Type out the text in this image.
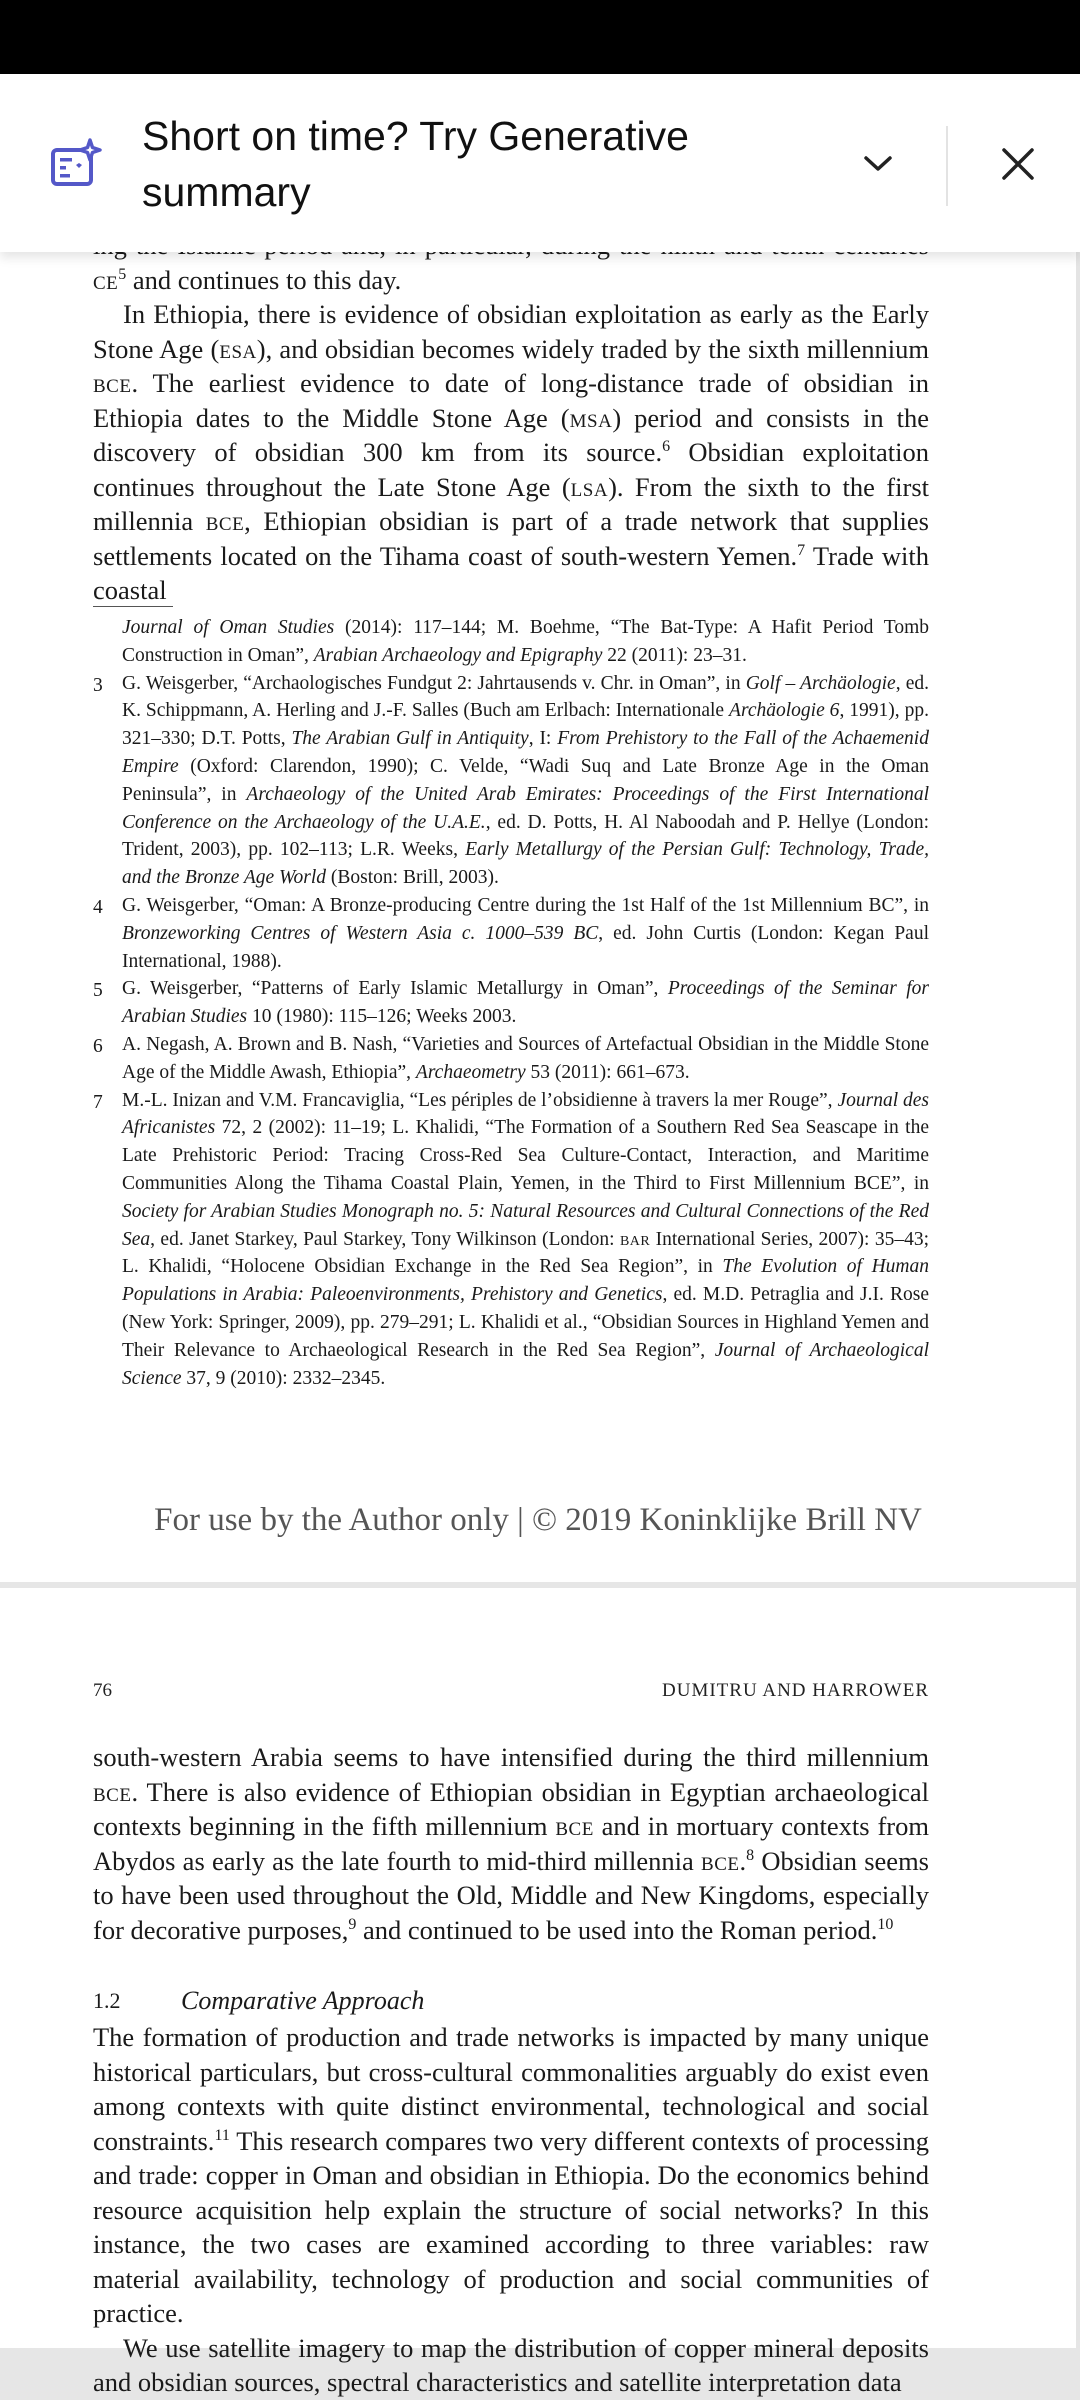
Short on time? Try Generative summary

$ce^5$ and continues to this day.

In Ethiopia, there is evidence of obsidian exploitation as early as the Early Stone Age (esa), and obsidian becomes widely traded by the sixth millennium bce. The earliest evidence to date of long-distance trade of obsidian in Ethiopia dates to the Middle Stone Age (msa) period and consists in the discovery of obsidian 300 km from its source.$^6$ Obsidian exploitation continues throughout the Late Stone Age (lsa). From the sixth to the first millennia bce, Ethiopian obsidian is part of a trade network that supplies settlements located on the Tihama coast of south-western Yemen.$^7$ Trade with coastal

Journal of Oman Studies (2014): 117–144; M. Boehme, “The Bat-Type: A Hafit Period Tomb Construction in Oman”, Arabian Archaeology and Epigraphy 22 (2011): 23–31.
3 G. Weisgerber, “Archaologisches Fundgut 2: Jahrtausends v. Chr. in Oman”, in Golf – Archäologie, ed. K. Schippmann, A. Herling and J.-F. Salles (Buch am Erlbach: Internationale Archäologie 6, 1991), pp. 321–330; D.T. Potts, The Arabian Gulf in Antiquity, I: From Prehistory to the Fall of the Achaemenid Empire (Oxford: Clarendon, 1990); C. Velde, “Wadi Suq and Late Bronze Age in the Oman Peninsula”, in Archaeology of the United Arab Emirates: Proceedings of the First International Conference on the Archaeology of the U.A.E., ed. D. Potts, H. Al Naboodah and P. Hellye (London: Trident, 2003), pp. 102–113; L.R. Weeks, Early Metallurgy of the Persian Gulf: Technology, Trade, and the Bronze Age World (Boston: Brill, 2003).
4 G. Weisgerber, “Oman: A Bronze-producing Centre during the 1st Half of the 1st Millennium BC”, in Bronzeworking Centres of Western Asia c. 1000–539 BC, ed. John Curtis (London: Kegan Paul International, 1988).
5 G. Weisgerber, “Patterns of Early Islamic Metallurgy in Oman”, Proceedings of the Seminar for Arabian Studies 10 (1980): 115–126; Weeks 2003.
6 A. Negash, A. Brown and B. Nash, “Varieties and Sources of Artefactual Obsidian in the Middle Stone Age of the Middle Awash, Ethiopia”, Archaeometry 53 (2011): 661–673.
7 M.-L. Inizan and V.M. Francaviglia, “Les périples de l’obsidienne à travers la mer Rouge”, Journal des Africanistes 72, 2 (2002): 11–19; L. Khalidi, “The Formation of a Southern Red Sea Seascape in the Late Prehistoric Period: Tracing Cross-Red Sea Culture-Contact, Interaction, and Maritime Communities Along the Tihama Coastal Plain, Yemen, in the Third to First Millennium BCE”, in Society for Arabian Studies Monograph no. 5: Natural Resources and Cultural Connections of the Red Sea, ed. Janet Starkey, Paul Starkey, Tony Wilkinson (London: bar International Series, 2007): 35–43; L. Khalidi, “Holocene Obsidian Exchange in the Red Sea Region”, in The Evolution of Human Populations in Arabia: Paleoenvironments, Prehistory and Genetics, ed. M.D. Petraglia and J.I. Rose (New York: Springer, 2009), pp. 279–291; L. Khalidi et al., “Obsidian Sources in Highland Yemen and Their Relevance to Archaeological Research in the Red Sea Region”, Journal of Archaeological Science 37, 9 (2010): 2332–2345.
For use by the Author only | © 2019 Koninklijke Brill NV
76	DUMITRU AND HARROWER

south-western Arabia seems to have intensified during the third millennium bce. There is also evidence of Ethiopian obsidian in Egyptian archaeological contexts beginning in the fifth millennium bce and in mortuary contexts from Abydos as early as the late fourth to mid-third millennia bce.$^8$ Obsidian seems to have been used throughout the Old, Middle and New Kingdoms, especially for decorative purposes,$^9$ and continued to be used into the Roman period.$^{10}$

1.2 Comparative Approach

The formation of production and trade networks is impacted by many unique historical particulars, but cross-cultural commonalities arguably do exist even among contexts with quite distinct environmental, technological and social constraints.$^{11}$ This research compares two very different contexts of processing and trade: copper in Oman and obsidian in Ethiopia. Do the economics behind resource acquisition help explain the structure of social networks? In this instance, the two cases are examined according to three variables: raw material availability, technology of production and social communities of practice.

We use satellite imagery to map the distribution of copper mineral deposits and obsidian sources, spectral characteristics and satellite interpretation data
